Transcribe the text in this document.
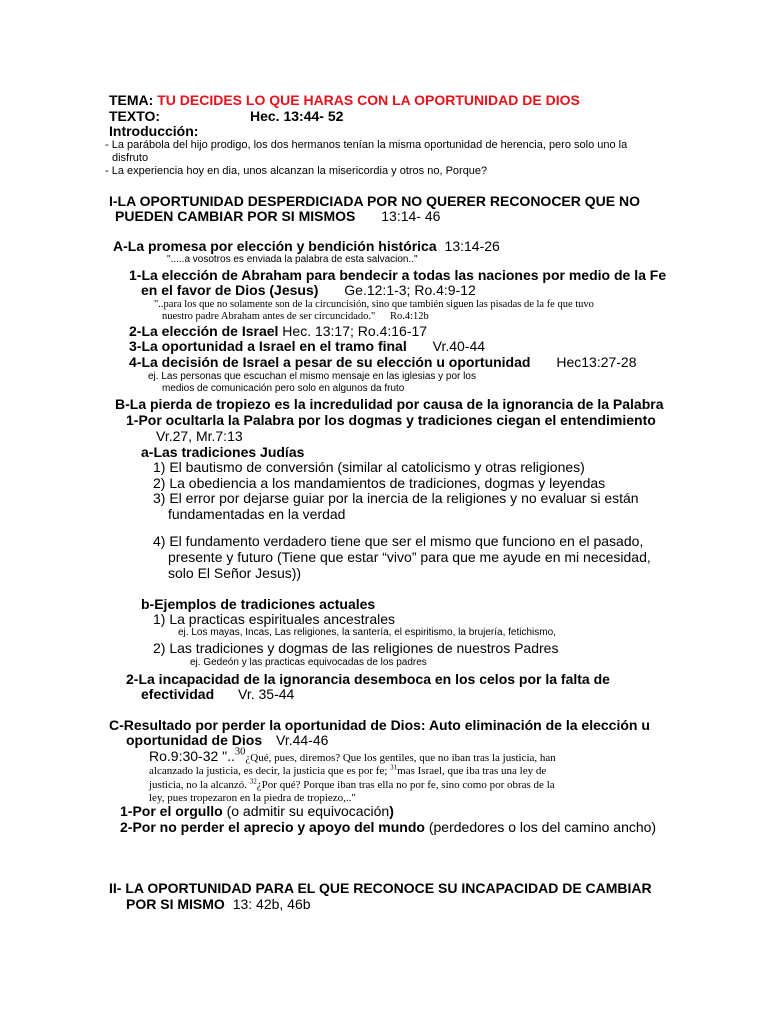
TEMA: TU DECIDES LO QUE HARAS CON LA OPORTUNIDAD DE DIOS
TEXTO:	Hec. 13:44- 52
Introducción:
- La parábola del hijo prodigo, los dos hermanos tenían la misma oportunidad de herencia, pero solo uno la
disfruto
- La experiencia hoy en dia, unos alcanzan la misericordia y otros no, Porque?
I-LA OPORTUNIDAD DESPERDICIADA POR NO QUERER RECONOCER QUE NO
PUEDEN CAMBIAR POR SI MISMOS 13:14- 46
A-La promesa por elección y bendición histórica 13:14-26
".....a vosotros es enviada la palabra de esta salvacion.."
1-La elección de Abraham para bendecir a todas las naciones por medio de la Fe
en el favor de Dios (Jesus) Ge.12:1-3; Ro.4:9-12
"..para los que no solamente son de la circuncisión, sino que también siguen las pisadas de la fe que tuvo
nuestro padre Abraham antes de ser circuncidado." Ro.4:12b
2-La elección de Israel Hec. 13:17; Ro.4:16-17
3-La oportunidad a Israel en el tramo final Vr.40-44
4-La decisión de Israel a pesar de su elección u oportunidad Hec13:27-28
ej. Las personas que escuchan el mismo mensaje en las iglesias y por los
medios de comunicación pero solo en algunos da fruto
B-La pierda de tropiezo es la incredulidad por causa de la ignorancia de la Palabra
1-Por ocultarla la Palabra por los dogmas y tradiciones ciegan el entendimiento
Vr.27, Mr.7:13
a-Las tradiciones Judías
1) El bautismo de conversión (similar al catolicismo y otras religiones)
2) La obediencia a los mandamientos de tradiciones, dogmas y leyendas
3) El error por dejarse guiar por la inercia de la religiones y no evaluar si están
fundamentadas en la verdad
4) El fundamento verdadero tiene que ser el mismo que funciono en el pasado,
presente y futuro (Tiene que estar “vivo” para que me ayude en mi necesidad,
solo El Señor Jesus))
b-Ejemplos de tradiciones actuales
1) La practicas espirituales ancestrales
ej. Los mayas, Incas, Las religiones, la santería, el espiritismo, la brujería, fetichismo,
2) Las tradiciones y dogmas de las religiones de nuestros Padres
ej. Gedeón y las practicas equivocadas de los padres
2-La incapacidad de la ignorancia desemboca en los celos por la falta de
efectividad Vr. 35-44
C-Resultado por perder la oportunidad de Dios: Auto eliminación de la elección u
oportunidad de Dios Vr.44-46
Ro.9:30-32 "..$^{30}$¿Qué, pues, diremos? Que los gentiles, que no iban tras la justicia, han
alcanzado la justicia, es decir, la justicia que es por fe; $^{31}$mas Israel, que iba tras una ley de
justicia, no la alcanzó. $^{32}$¿Por qué? Porque iban tras ella no por fe, sino como por obras de la
ley, pues tropezaron en la piedra de tropiezo,.."
1-Por el orgullo (o admitir su equivocación)
2-Por no perder el aprecio y apoyo del mundo (perdedores o los del camino ancho)
II- LA OPORTUNIDAD PARA EL QUE RECONOCE SU INCAPACIDAD DE CAMBIAR
POR SI MISMO 13: 42b, 46b
